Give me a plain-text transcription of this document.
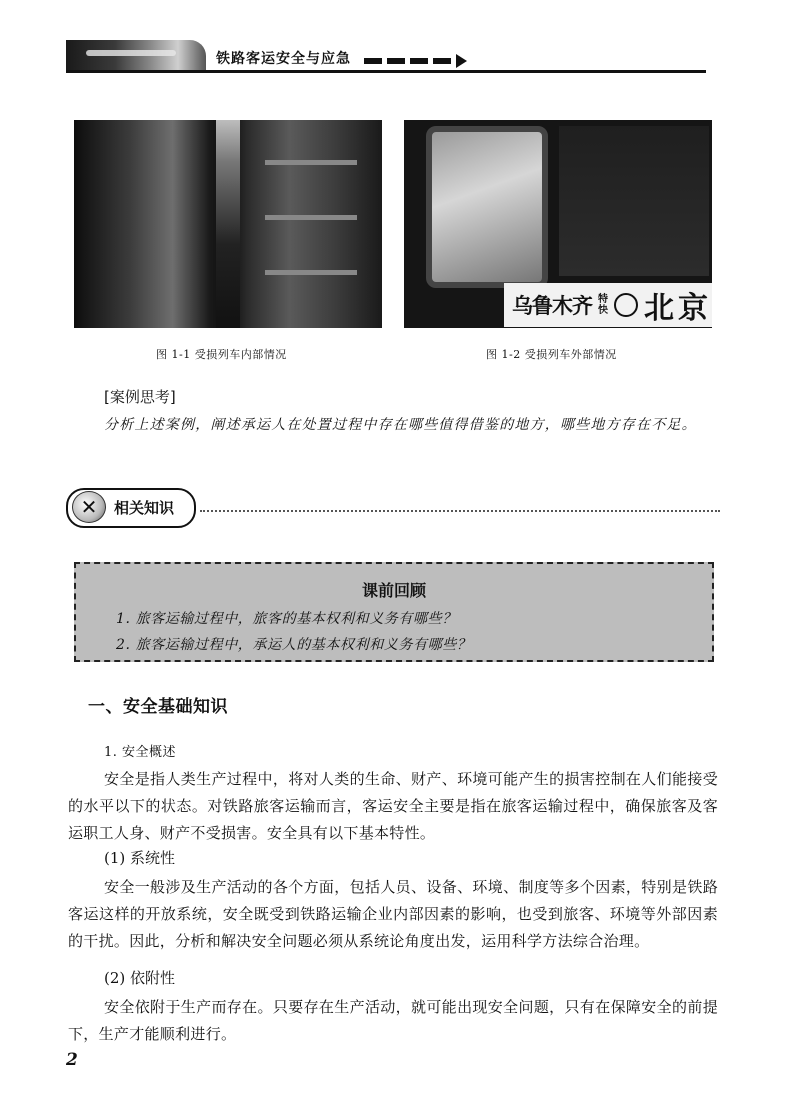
铁路客运安全与应急
乌鲁木齐 特
快 北京
图 1-1 受损列车内部情况	图 1-2 受损列车外部情况
[案例思考]
分析上述案例，阐述承运人在处置过程中存在哪些值得借鉴的地方，哪些地方存在不足。
✕	相关知识
课前回顾
1. 旅客运输过程中，旅客的基本权利和义务有哪些？
2. 旅客运输过程中，承运人的基本权利和义务有哪些？
一、安全基础知识
1. 安全概述
安全是指人类生产过程中，将对人类的生命、财产、环境可能产生的损害控制在人们能接受的水平以下的状态。对铁路旅客运输而言，客运安全主要是指在旅客运输过程中，确保旅客及客运职工人身、财产不受损害。安全具有以下基本特性。
(1) 系统性
安全一般涉及生产活动的各个方面，包括人员、设备、环境、制度等多个因素，特别是铁路客运这样的开放系统，安全既受到铁路运输企业内部因素的影响，也受到旅客、环境等外部因素的干扰。因此，分析和解决安全问题必须从系统论角度出发，运用科学方法综合治理。
(2) 依附性
安全依附于生产而存在。只要存在生产活动，就可能出现安全问题，只有在保障安全的前提下，生产才能顺利进行。
2
